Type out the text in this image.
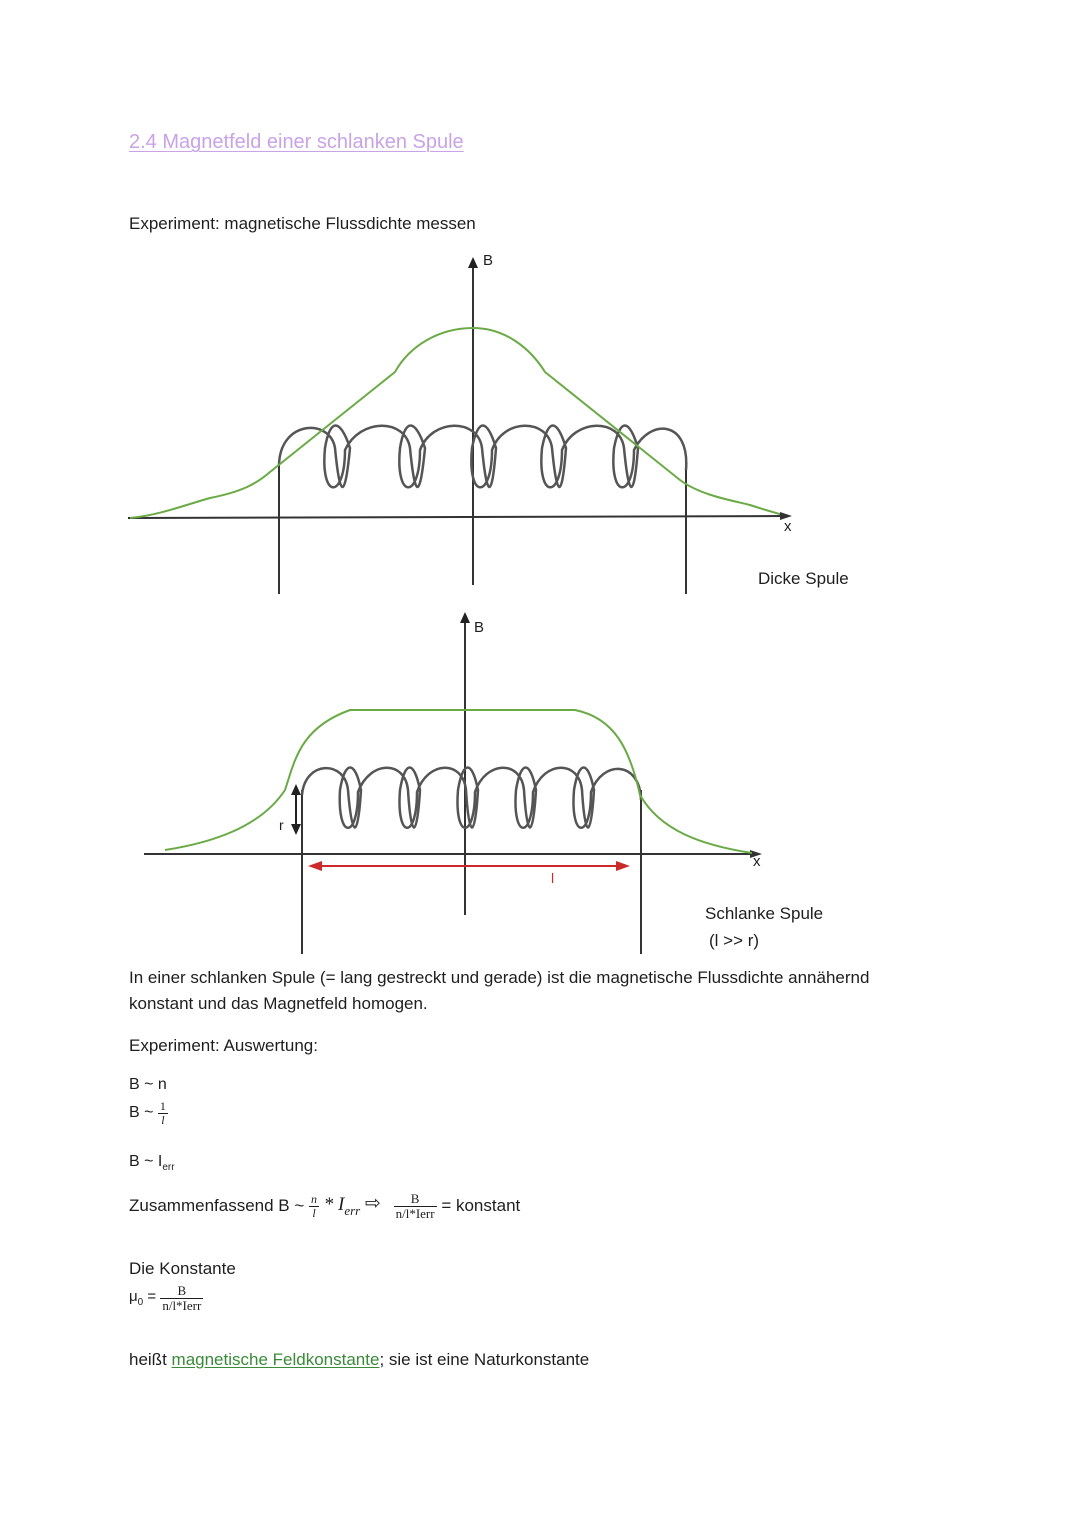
2.4 Magnetfeld einer schlanken Spule
Experiment: magnetische Flussdichte messen
B
x
Dicke Spule
B
x
r
l
Schlanke Spule
(l >> r)
In einer schlanken Spule (= lang gestreckt und gerade) ist die magnetische Flussdichte annähernd
konstant und das Magnetfeld homogen.
Experiment: Auswertung:
B ~ n
B ~ $\frac{1}{l}$
B ~ $I_{err}$
Zusammenfassend B ~ $\frac{n}{l} * I_{err}$ ⇨ $\frac{B}{\text{n/l*Ierr}}$ = konstant
Die Konstante
$\mu_0 = \frac{B}{\text{n/l*Ierr}}$
heißt magnetische Feldkonstante; sie ist eine Naturkonstante
